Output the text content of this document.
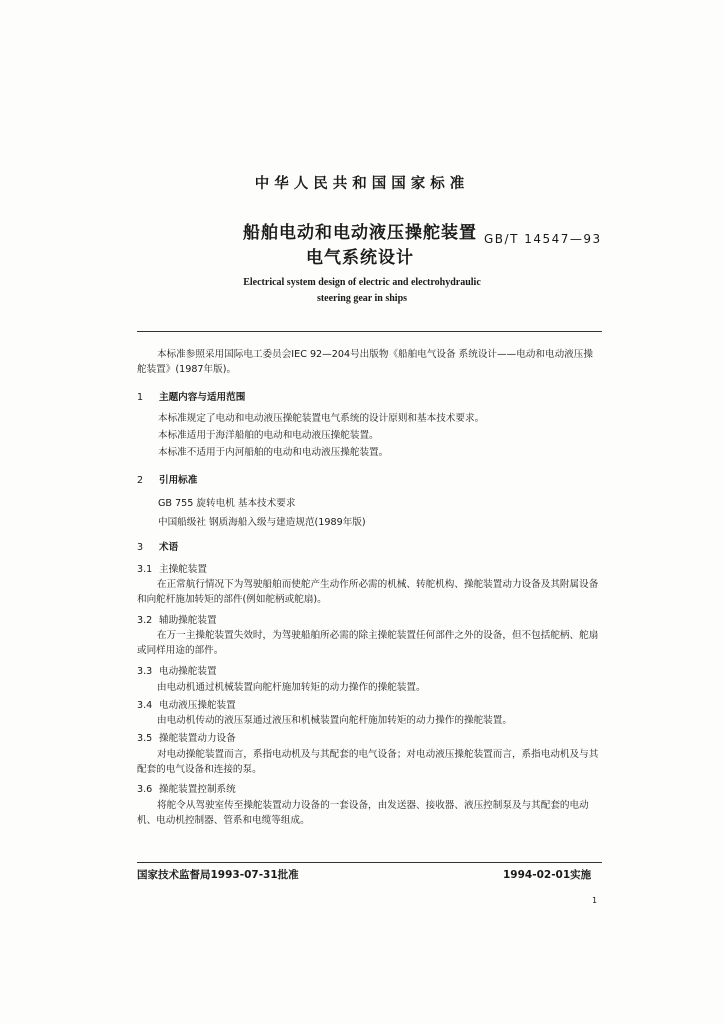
中华人民共和国国家标准
船舶电动和电动液压操舵装置
电气系统设计
GB/T 14547—93
Electrical system design of electric and electrohydraulic
steering gear in ships
本标准参照采用国际电工委员会IEC 92—204号出版物《船舶电气设备 系统设计——电动和电动液压操舵装置》(1987年版)。
1 主题内容与适用范围
本标准规定了电动和电动液压操舵装置电气系统的设计原则和基本技术要求。
本标准适用于海洋船舶的电动和电动液压操舵装置。
本标准不适用于内河船舶的电动和电动液压操舵装置。
2 引用标准
GB 755 旋转电机 基本技术要求
中国船级社 钢质海船入级与建造规范(1989年版)
3 术语
3.1 主操舵装置
在正常航行情况下为驾驶船舶而使舵产生动作所必需的机械、转舵机构、操舵装置动力设备及其附属设备和向舵杆施加转矩的部件(例如舵柄或舵扇)。
3.2 辅助操舵装置
在万一主操舵装置失效时，为驾驶船舶所必需的除主操舵装置任何部件之外的设备，但不包括舵柄、舵扇或同样用途的部件。
3.3 电动操舵装置
由电动机通过机械装置向舵杆施加转矩的动力操作的操舵装置。
3.4 电动液压操舵装置
由电动机传动的液压泵通过液压和机械装置向舵杆施加转矩的动力操作的操舵装置。
3.5 操舵装置动力设备
对电动操舵装置而言，系指电动机及与其配套的电气设备；对电动液压操舵装置而言，系指电动机及与其配套的电气设备和连接的泵。
3.6 操舵装置控制系统
将舵令从驾驶室传至操舵装置动力设备的一套设备，由发送器、接收器、液压控制泵及与其配套的电动机、电动机控制器、管系和电缆等组成。
国家技术监督局1993-07-31批准	1994-02-01实施
1
